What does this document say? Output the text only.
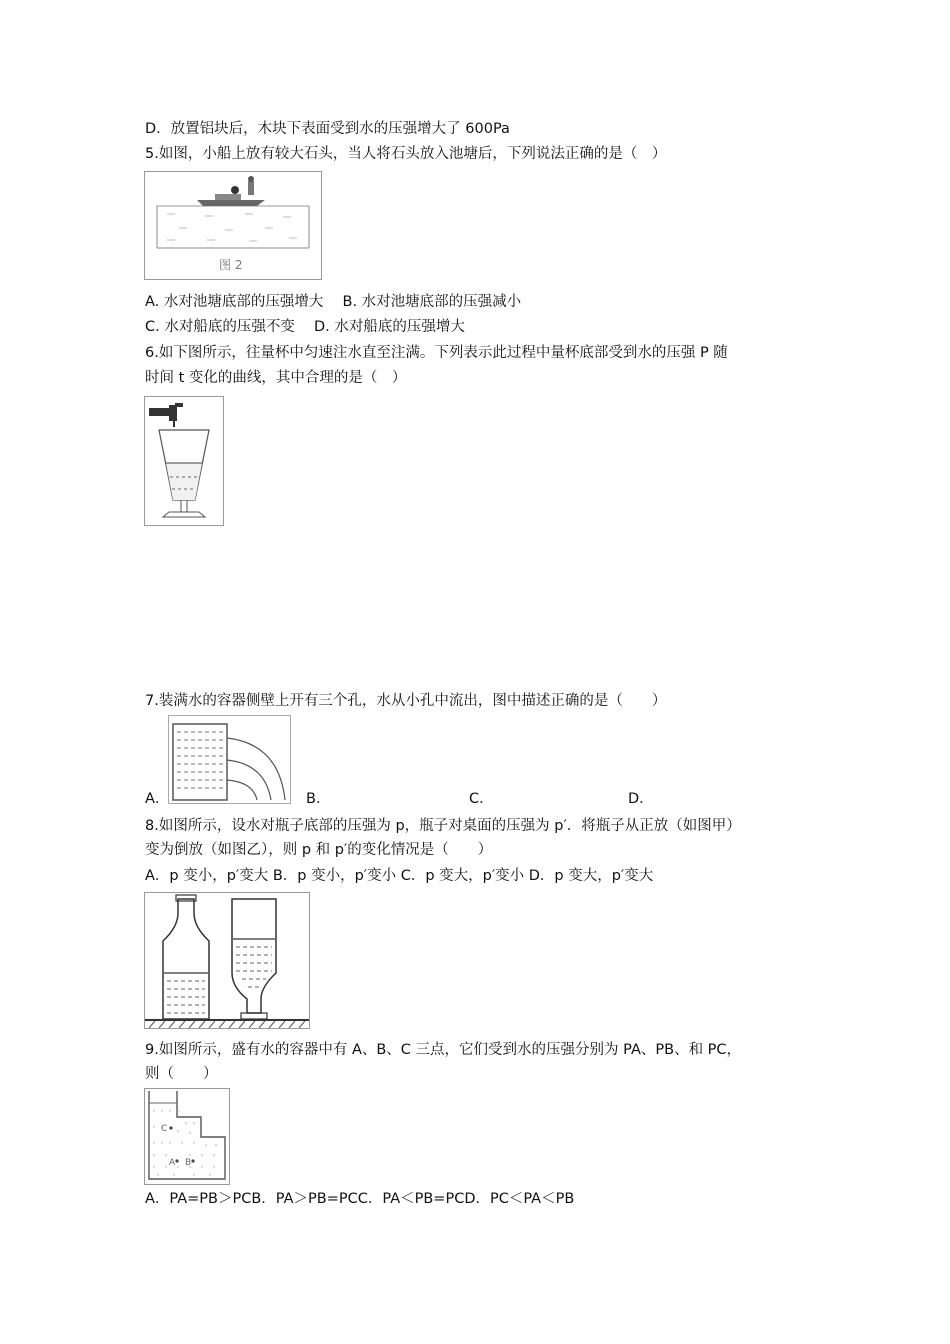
D．放置铝块后，木块下表面受到水的压强增大了 600Pa
5.如图，小船上放有较大石头，当人将石头放入池塘后，下列说法正确的是（　）
图 2
A. 水对池塘底部的压强增大　 B. 水对池塘底部的压强减小
C. 水对船底的压强不变　 D. 水对船底的压强增大
6.如下图所示，往量杯中匀速注水直至注满。下列表示此过程中量杯底部受到水的压强 P 随
时间 t 变化的曲线，其中合理的是（　）
7.装满水的容器侧壁上开有三个孔，水从小孔中流出，图中描述正确的是（　　）
A．	B．	C．	D．
8.如图所示，设水对瓶子底部的压强为 p，瓶子对桌面的压强为 p′．将瓶子从正放（如图甲）
变为倒放（如图乙），则 p 和 p′的变化情况是（　　）
A．p 变小，p′变大 B．p 变小，p′变小 C．p 变大，p′变小 D．p 变大，p′变大
9.如图所示，盛有水的容器中有 A、B、C 三点，它们受到水的压强分别为 PA、PB、和 PC，
则（　　）
C
A B
A．PA=PB＞PCB．PA＞PB=PCC．PA＜PB=PCD．PC＜PA＜PB
